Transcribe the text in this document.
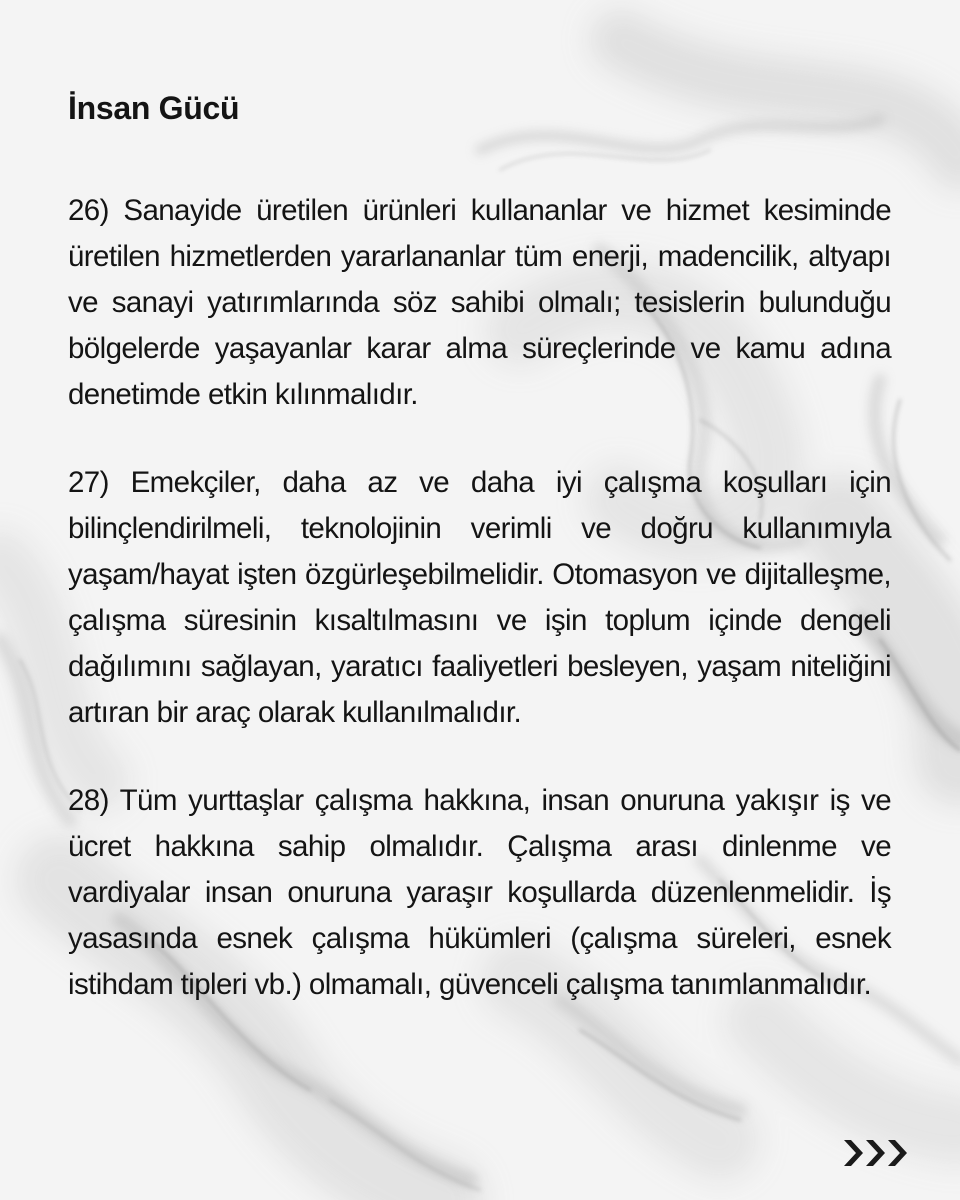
İnsan Gücü

26) Sanayide üretilen ürünleri kullananlar ve hizmet kesiminde üretilen hizmetlerden yararlananlar tüm enerji, madencilik, altyapı ve sanayi yatırımlarında söz sahibi olmalı; tesislerin bulunduğu bölgelerde yaşayanlar karar alma süreçlerinde ve kamu adına denetimde etkin kılınmalıdır.

27) Emekçiler, daha az ve daha iyi çalışma koşulları için bilinçlendirilmeli, teknolojinin verimli ve doğru kullanımıyla yaşam/hayat işten özgürleşebilmelidir. Otomasyon ve dijitalleşme, çalışma süresinin kısaltılmasını ve işin toplum içinde dengeli dağılımını sağlayan, yaratıcı faaliyetleri besleyen, yaşam niteliğini artıran bir araç olarak kullanılmalıdır.

28) Tüm yurttaşlar çalışma hakkına, insan onuruna yakışır iş ve ücret hakkına sahip olmalıdır. Çalışma arası dinlenme ve vardiyalar insan onuruna yaraşır koşullarda düzenlenmelidir. İş yasasında esnek çalışma hükümleri (çalışma süreleri, esnek istihdam tipleri vb.) olmamalı, güvenceli çalışma tanımlanmalıdır.
